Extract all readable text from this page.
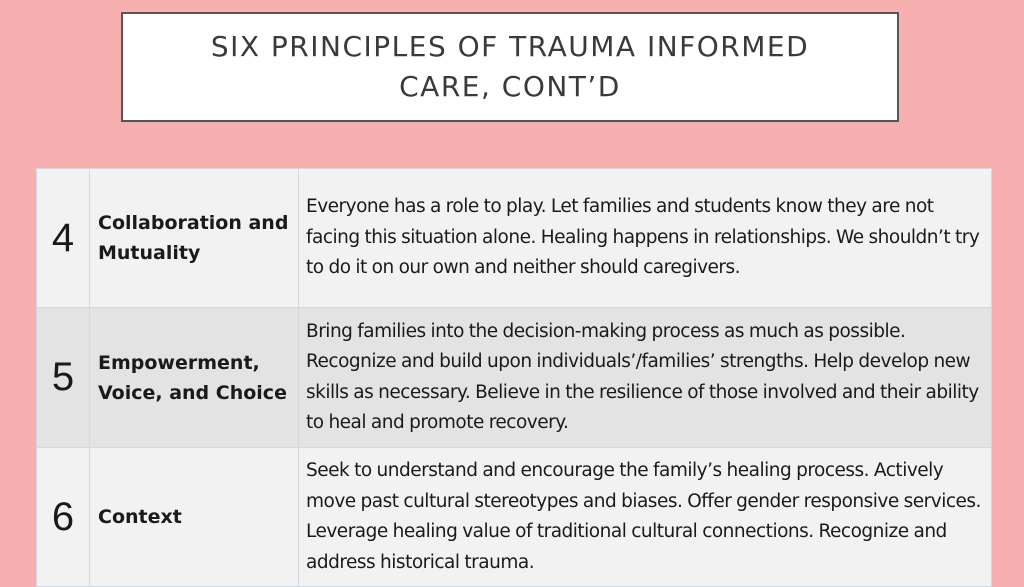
SIX PRINCIPLES OF TRAUMA INFORMED
CARE, CONT’D
4	Collaboration and Mutuality	Everyone has a role to play. Let families and students know they are not facing this situation alone. Healing happens in relationships. We shouldn’t try to do it on our own and neither should caregivers.
5	Empowerment, Voice, and Choice	Bring families into the decision-making process as much as possible. Recognize and build upon individuals’/families’ strengths. Help develop new skills as necessary. Believe in the resilience of those involved and their ability to heal and promote recovery.
6	Context	Seek to understand and encourage the family’s healing process. Actively move past cultural stereotypes and biases. Offer gender responsive services. Leverage healing value of traditional cultural connections. Recognize and address historical trauma.
